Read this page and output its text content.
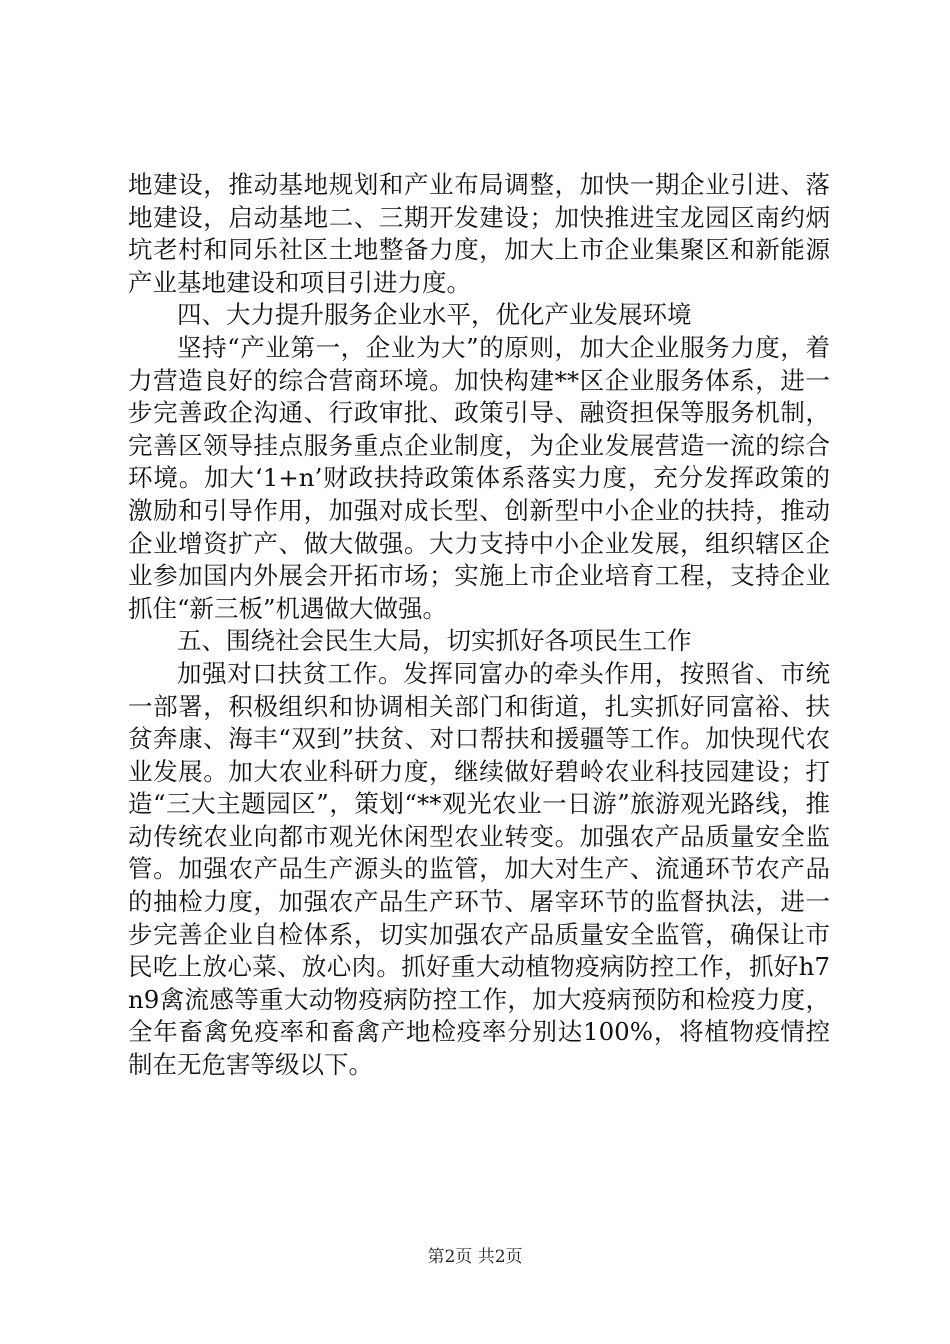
地建设，推动基地规划和产业布局调整，加快一期企业引进、落地建设，启动基地二、三期开发建设；加快推进宝龙园区南约炳坑老村和同乐社区土地整备力度，加大上市企业集聚区和新能源产业基地建设和项目引进力度。

四、大力提升服务企业水平，优化产业发展环境

坚持“产业第一，企业为大”的原则，加大企业服务力度，着力营造良好的综合营商环境。加快构建**区企业服务体系，进一步完善政企沟通、行政审批、政策引导、融资担保等服务机制，完善区领导挂点服务重点企业制度，为企业发展营造一流的综合环境。加大‘1+n’财政扶持政策体系落实力度，充分发挥政策的激励和引导作用，加强对成长型、创新型中小企业的扶持，推动企业增资扩产、做大做强。大力支持中小企业发展，组织辖区企业参加国内外展会开拓市场；实施上市企业培育工程，支持企业抓住“新三板”机遇做大做强。

五、围绕社会民生大局，切实抓好各项民生工作

加强对口扶贫工作。发挥同富办的牵头作用，按照省、市统一部署，积极组织和协调相关部门和街道，扎实抓好同富裕、扶贫奔康、海丰“双到”扶贫、对口帮扶和援疆等工作。加快现代农业发展。加大农业科研力度，继续做好碧岭农业科技园建设；打造“三大主题园区”，策划“**观光农业一日游”旅游观光路线，推动传统农业向都市观光休闲型农业转变。加强农产品质量安全监管。加强农产品生产源头的监管，加大对生产、流通环节农产品的抽检力度，加强农产品生产环节、屠宰环节的监督执法，进一步完善企业自检体系，切实加强农产品质量安全监管，确保让市民吃上放心菜、放心肉。抓好重大动植物疫病防控工作，抓好h7n9禽流感等重大动物疫病防控工作，加大疫病预防和检疫力度，全年畜禽免疫率和畜禽产地检疫率分别达100%，将植物疫情控制在无危害等级以下。

第2页 共2页
